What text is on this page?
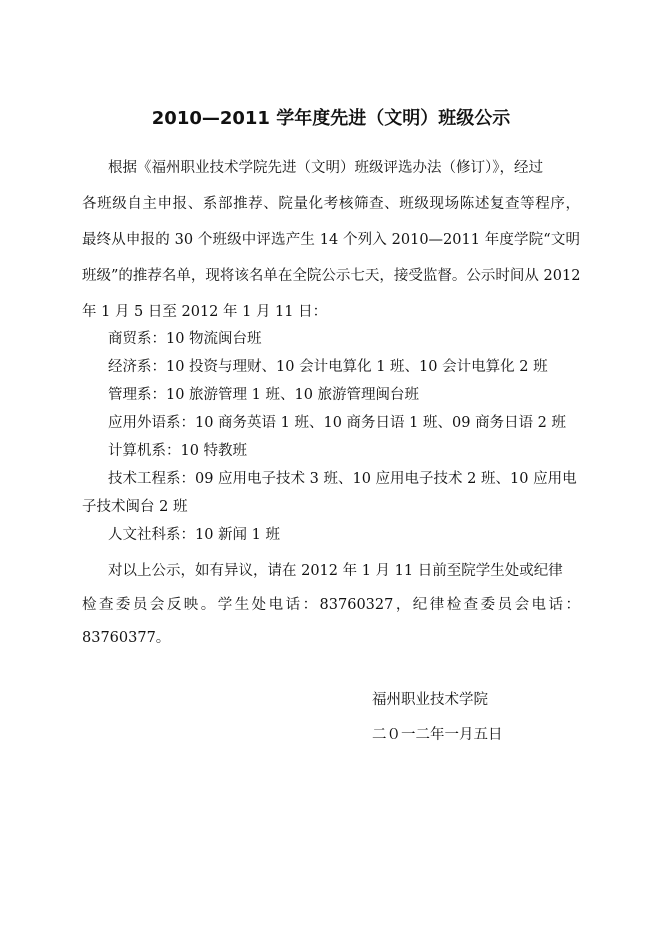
2010—2011 学年度先进（文明）班级公示
根据《福州职业技术学院先进（文明）班级评选办法（修订）》，经过
各班级自主申报、系部推荐、院量化考核筛查、班级现场陈述复查等程序，
最终从申报的 30 个班级中评选产生 14 个列入 2010—2011 年度学院“文明
班级”的推荐名单，现将该名单在全院公示七天，接受监督。公示时间从 2012
年 1 月 5 日至 2012 年 1 月 11 日：
商贸系：10 物流闽台班
经济系：10 投资与理财、10 会计电算化 1 班、10 会计电算化 2 班
管理系：10 旅游管理 1 班、10 旅游管理闽台班
应用外语系：10 商务英语 1 班、10 商务日语 1 班、09 商务日语 2 班
计算机系：10 特教班
技术工程系：09 应用电子技术 3 班、10 应用电子技术 2 班、10 应用电
子技术闽台 2 班
人文社科系：10 新闻 1 班
对以上公示，如有异议，请在 2012 年 1 月 11 日前至院学生处或纪律
检查委员会反映。学生处电话：83760327，纪律检查委员会电话：
83760377。
福州职业技术学院
二０一二年一月五日
